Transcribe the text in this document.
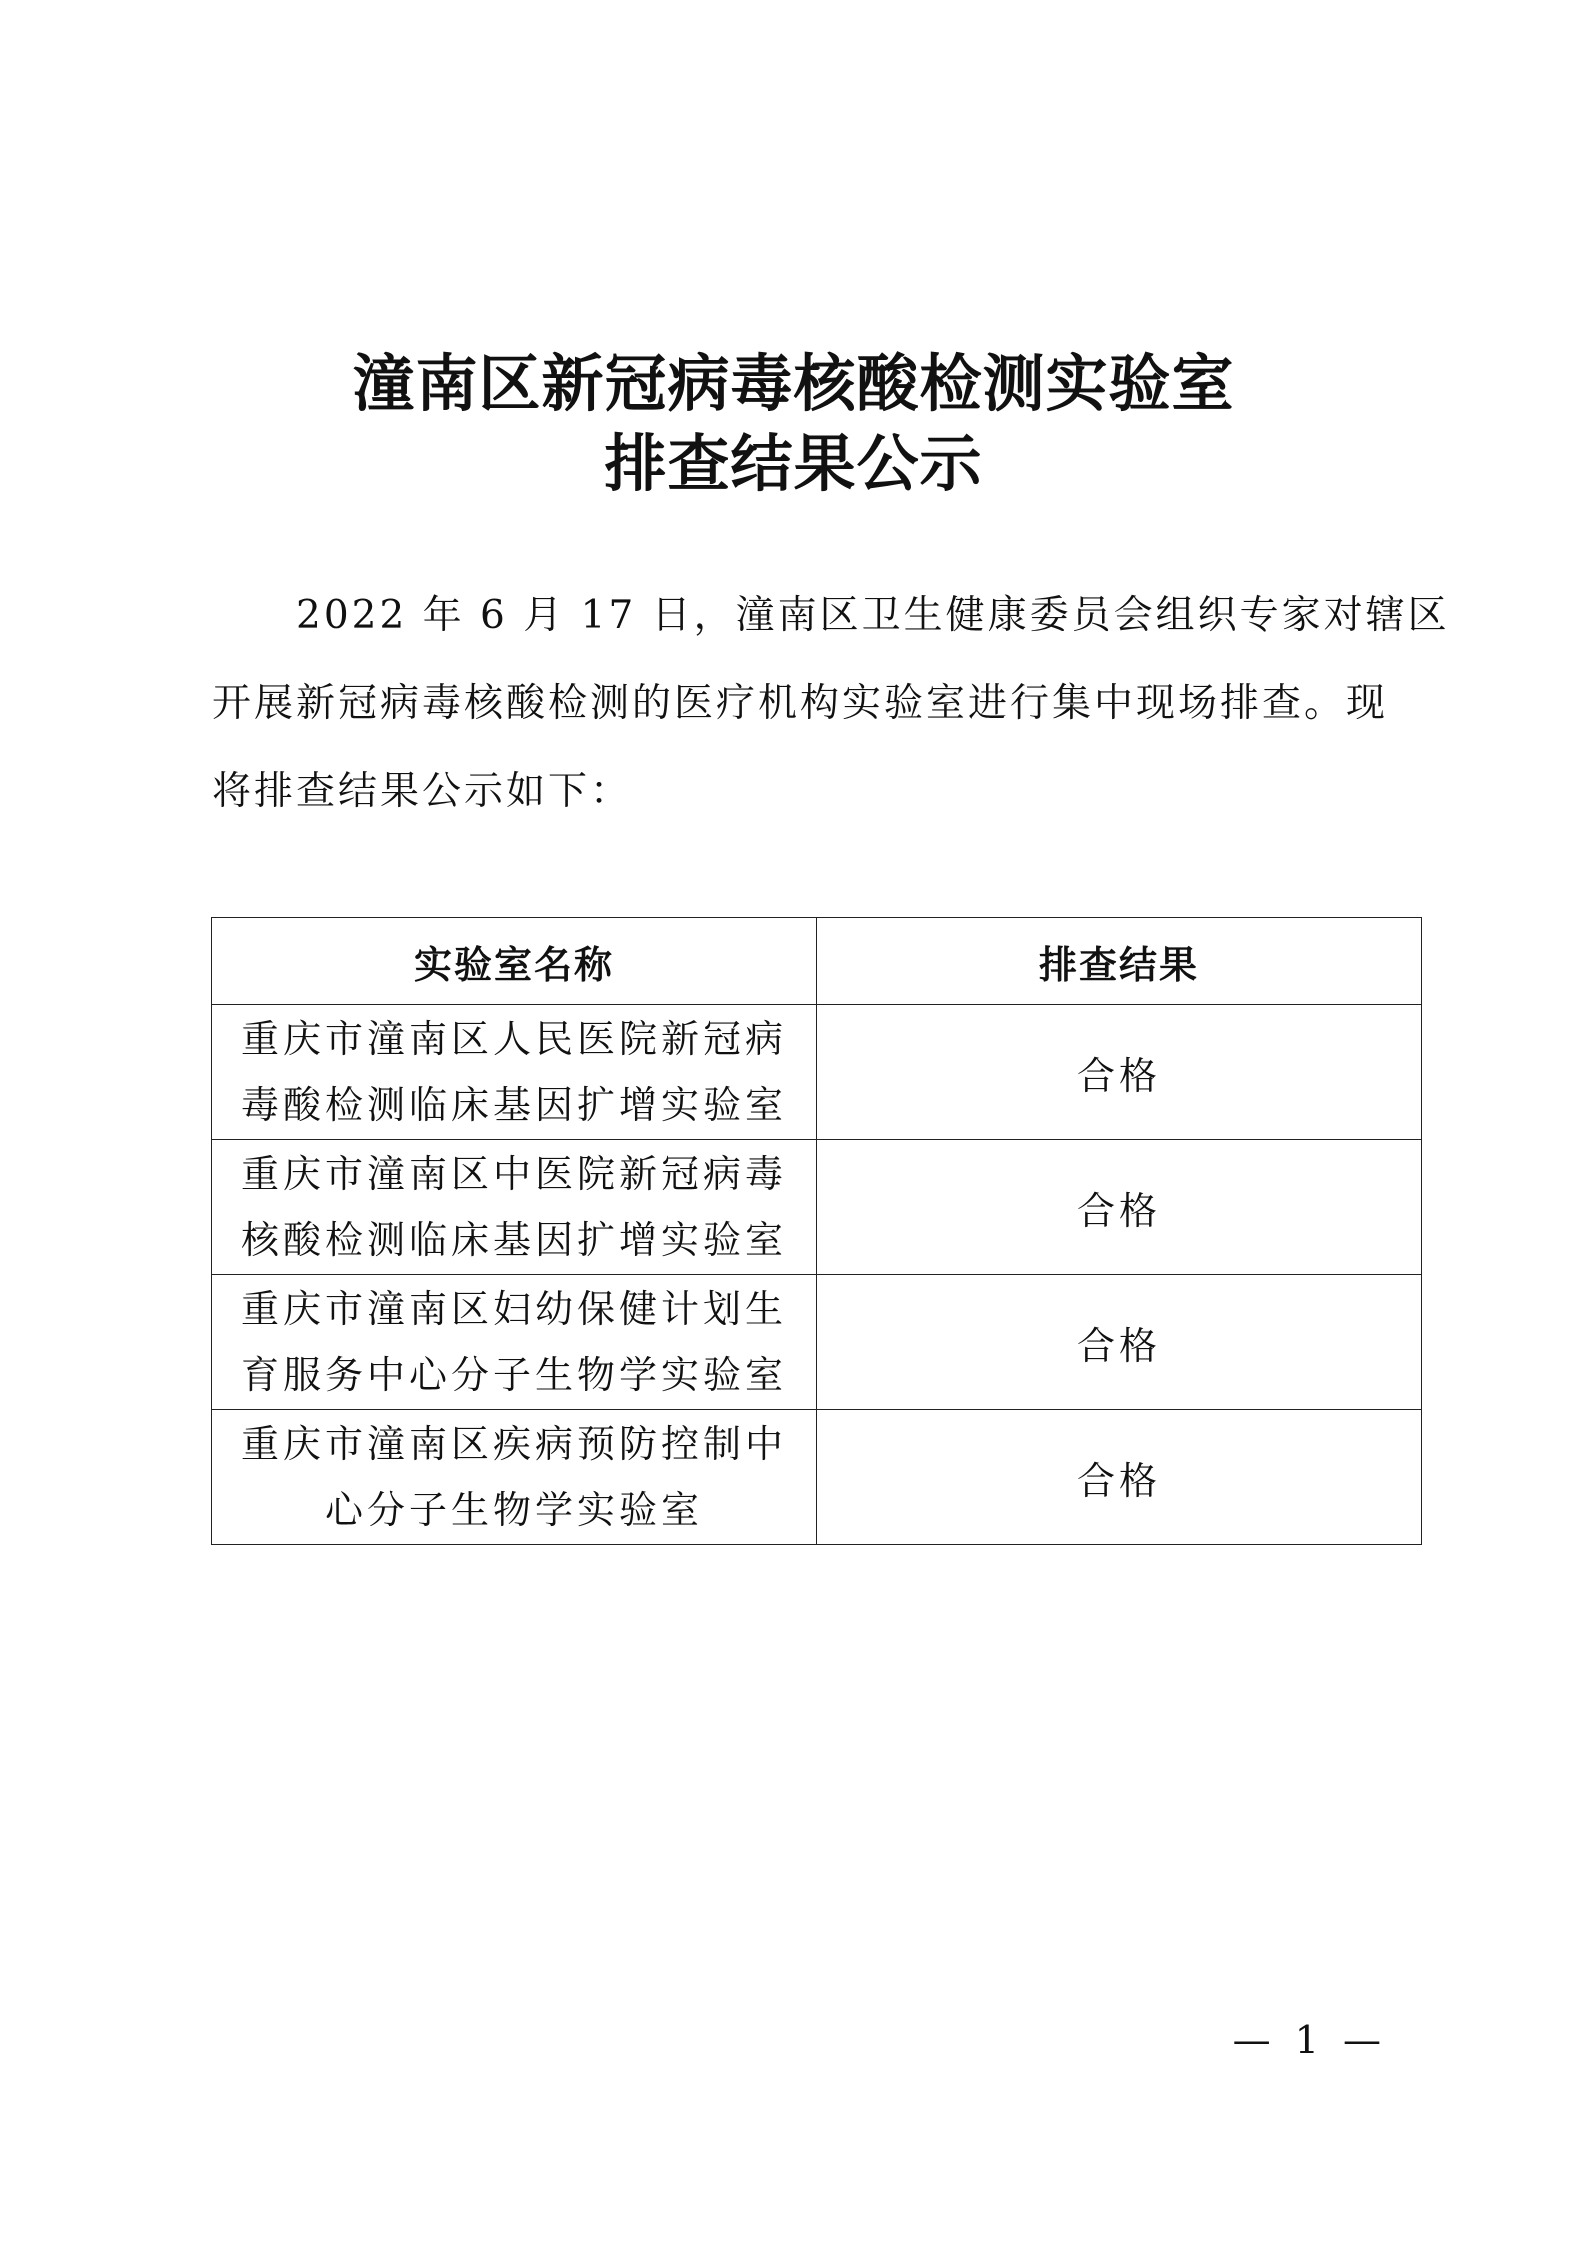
潼南区新冠病毒核酸检测实验室
排查结果公示
2022 年 6 月 17 日，潼南区卫生健康委员会组织专家对辖区
开展新冠病毒核酸检测的医疗机构实验室进行集中现场排查。现
将排查结果公示如下：
实验室名称	排查结果

重庆市潼南区人民医院新冠病
毒酸检测临床基因扩增实验室	合格

重庆市潼南区中医院新冠病毒
核酸检测临床基因扩增实验室	合格

重庆市潼南区妇幼保健计划生
育服务中心分子生物学实验室	合格

重庆市潼南区疾病预防控制中
心分子生物学实验室	合格
— 1 —
